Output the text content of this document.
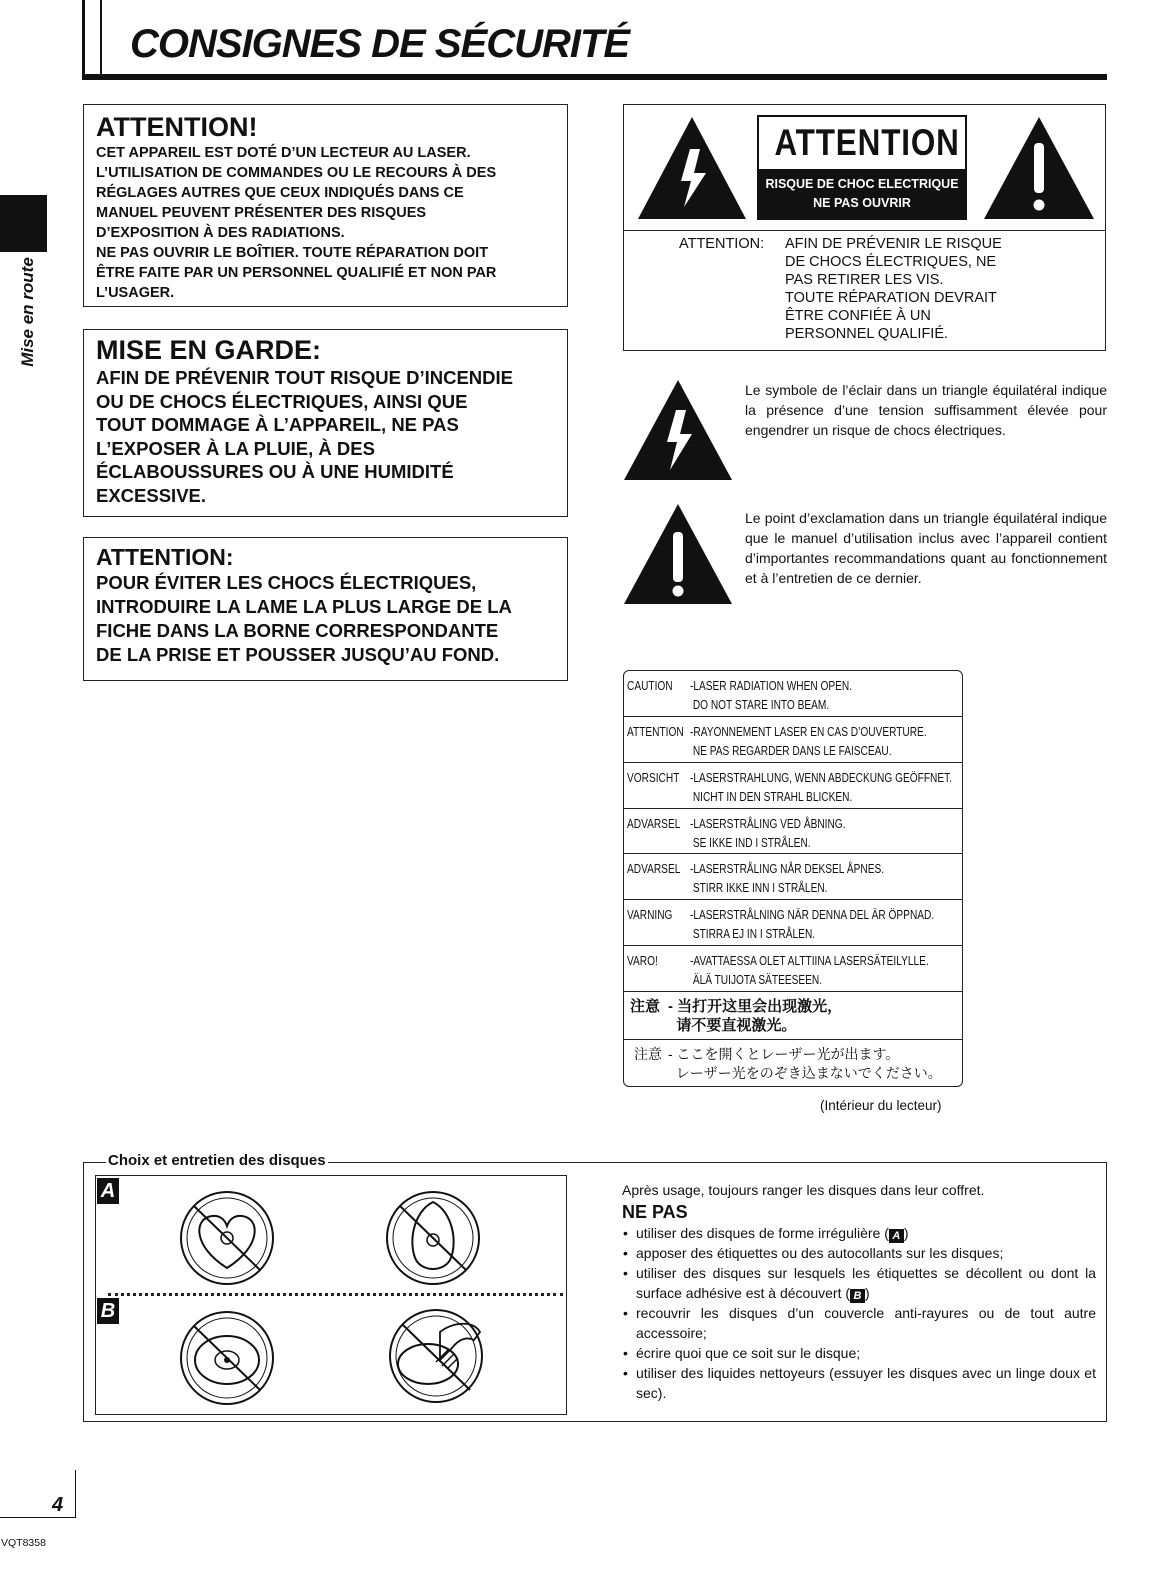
CONSIGNES DE SÉCURITÉ
Mise en route
ATTENTION!

CET APPAREIL EST DOTÉ D’UN LECTEUR AU LASER.

L’UTILISATION DE COMMANDES OU LE RECOURS À DES

RÉGLAGES AUTRES QUE CEUX INDIQUÉS DANS CE

MANUEL PEUVENT PRÉSENTER DES RISQUES

D’EXPOSITION À DES RADIATIONS.

NE PAS OUVRIR LE BOÎTIER. TOUTE RÉPARATION DOIT

ÊTRE FAITE PAR UN PERSONNEL QUALIFIÉ ET NON PAR

L’USAGER.

MISE EN GARDE:

AFIN DE PRÉVENIR TOUT RISQUE D’INCENDIE

OU DE CHOCS ÉLECTRIQUES, AINSI QUE

TOUT DOMMAGE À L’APPAREIL, NE PAS

L’EXPOSER À LA PLUIE, À DES

ÉCLABOUSSURES OU À UNE HUMIDITÉ

EXCESSIVE.

ATTENTION:

POUR ÉVITER LES CHOCS ÉLECTRIQUES,

INTRODUIRE LA LAME LA PLUS LARGE DE LA

FICHE DANS LA BORNE CORRESPONDANTE

DE LA PRISE ET POUSSER JUSQU’AU FOND.

ATTENTION
RISQUE DE CHOC ELECTRIQUE
NE PAS OUVRIR
ATTENTION: AFIN DE PRÉVENIR LE RISQUE
DE CHOCS ÉLECTRIQUES, NE
PAS RETIRER LES VIS.
TOUTE RÉPARATION DEVRAIT
ÊTRE CONFIÉE À UN
PERSONNEL QUALIFIÉ.
Le symbole de l’éclair dans un triangle équilatéral indique la présence d’une tension suffisamment élevée pour engendrer un risque de chocs électriques.
Le point d’exclamation dans un triangle équilatéral indique que le manuel d’utilisation inclus avec l’appareil contient d’importantes recommandations quant au fonctionnement et à l’entretien de ce dernier.
CAUTION -LASER RADIATION WHEN OPEN.
DO NOT STARE INTO BEAM.
ATTENTION -RAYONNEMENT LASER EN CAS D’OUVERTURE.
NE PAS REGARDER DANS LE FAISCEAU.
VORSICHT -LASERSTRAHLUNG, WENN ABDECKUNG GEÖFFNET.
NICHT IN DEN STRAHL BLICKEN.
ADVARSEL -LASERSTRÅLING VED ÅBNING.
SE IKKE IND I STRÅLEN.
ADVARSEL -LASERSTRÅLING NÅR DEKSEL ÅPNES.
STIRR IKKE INN I STRÅLEN.
VARNING -LASERSTRÅLNING NÄR DENNA DEL ÄR ÖPPNAD.
STIRRA EJ IN I STRÅLEN.
VARO! -AVATTAESSA OLET ALTTIINA LASERSÄTEILYLLE.
ÄLÄ TUIJOTA SÄTEESEEN.
注意 - 当打开这里会出现激光，
请不要直视激光。
注意 - ここを開くとレーザー光が出ます。
レーザー光をのぞき込まないでください。
(Intérieur du lecteur)
Choix et entretien des disques
A
B

Après usage, toujours ranger les disques dans leur coffret.

NE PAS
• utiliser des disques de forme irrégulière ( A )
• apposer des étiquettes ou des autocollants sur les disques;
• utiliser des disques sur lesquels les étiquettes se décollent ou dont la surface adhésive est à découvert ( B )
• recouvrir les disques d’un couvercle anti-rayures ou de tout autre accessoire;
• écrire quoi que ce soit sur le disque;
• utiliser des liquides nettoyeurs (essuyer les disques avec un linge doux et sec).
4
VQT8358
